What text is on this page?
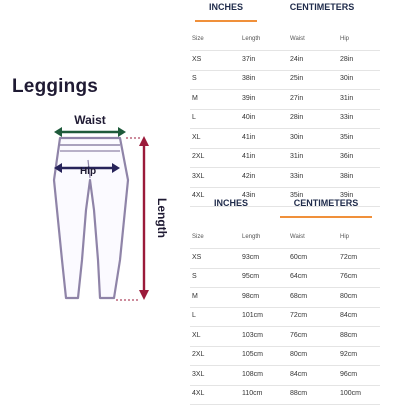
Leggings
Waist
Hip
Length
INCHES	CENTIMETERS
Size	Length	Waist	Hip
XS	37in	24in	28in
S	38in	25in	30in
M	39in	27in	31in
L	40in	28in	33in
XL	41in	30in	35in
2XL	41in	31in	36in
3XL	42in	33in	38in
4XL	43in	35in	39in
INCHES	CENTIMETERS
Size	Length	Waist	Hip
XS	93cm	60cm	72cm
S	95cm	64cm	76cm
M	98cm	68cm	80cm
L	101cm	72cm	84cm
XL	103cm	76cm	88cm
2XL	105cm	80cm	92cm
3XL	108cm	84cm	96cm
4XL	110cm	88cm	100cm
